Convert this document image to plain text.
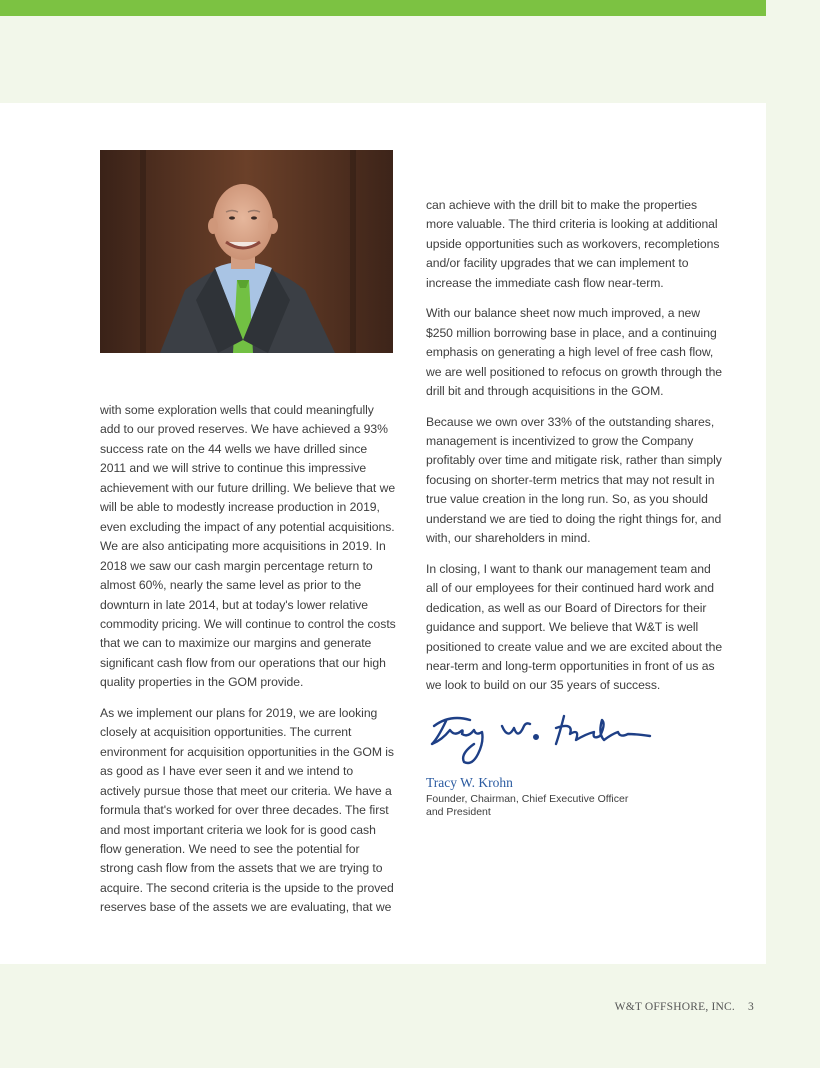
with some exploration wells that could meaningfully add to our proved reserves. We have achieved a 93% success rate on the 44 wells we have drilled since 2011 and we will strive to continue this impressive achievement with our future drilling. We believe that we will be able to modestly increase production in 2019, even excluding the impact of any potential acquisitions. We are also anticipating more acquisitions in 2019. In 2018 we saw our cash margin percentage return to almost 60%, nearly the same level as prior to the downturn in late 2014, but at today's lower relative commodity pricing. We will continue to control the costs that we can to maximize our margins and generate significant cash flow from our operations that our high quality properties in the GOM provide.

As we implement our plans for 2019, we are looking closely at acquisition opportunities. The current environment for acquisition opportunities in the GOM is as good as I have ever seen it and we intend to actively pursue those that meet our criteria. We have a formula that's worked for over three decades. The first and most important criteria we look for is good cash flow generation. We need to see the potential for strong cash flow from the assets that we are trying to acquire. The second criteria is the upside to the proved reserves base of the assets we are evaluating, that we

can achieve with the drill bit to make the properties more valuable. The third criteria is looking at additional upside opportunities such as workovers, recompletions and/or facility upgrades that we can implement to increase the immediate cash flow near-term.

With our balance sheet now much improved, a new $250 million borrowing base in place, and a continuing emphasis on generating a high level of free cash flow, we are well positioned to refocus on growth through the drill bit and through acquisitions in the GOM.

Because we own over 33% of the outstanding shares, management is incentivized to grow the Company profitably over time and mitigate risk, rather than simply focusing on shorter-term metrics that may not result in true value creation in the long run. So, as you should understand we are tied to doing the right things for, and with, our shareholders in mind.

In closing, I want to thank our management team and all of our employees for their continued hard work and dedication, as well as our Board of Directors for their guidance and support. We believe that W&T is well positioned to create value and we are excited about the near-term and long-term opportunities in front of us as we look to build on our 35 years of success.

Tracy W. Krohn
Founder, Chairman, Chief Executive Officer
and President
W&T OFFSHORE, INC. 3
